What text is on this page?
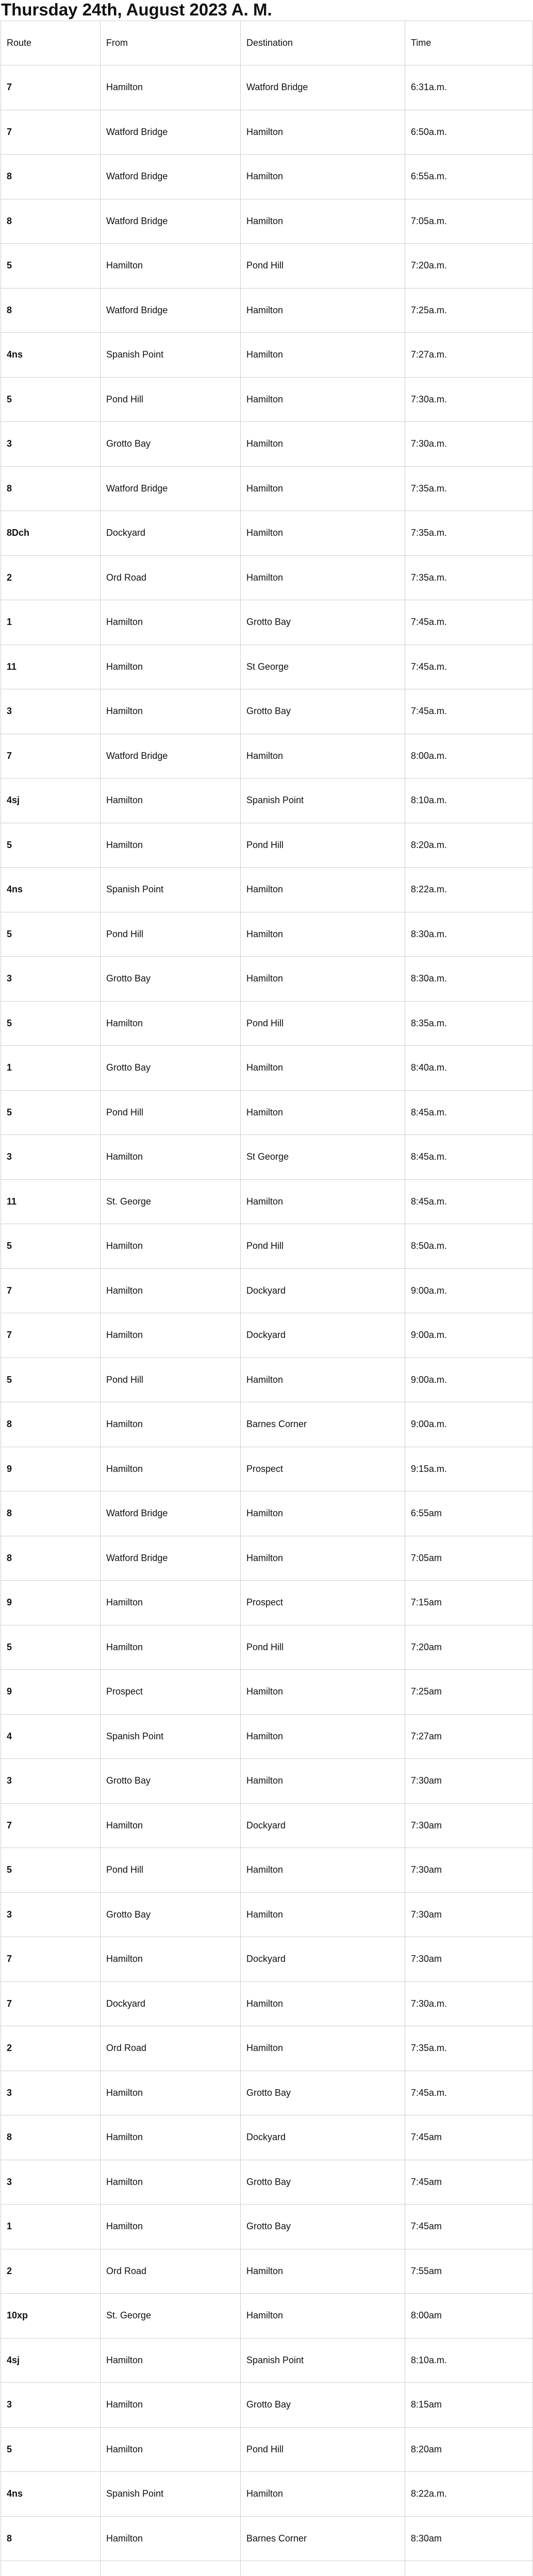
Thursday 24th, August 2023 A. M.
Route	From	Destination	Time
7	Hamilton	Watford Bridge	6:31a.m.
7	Watford Bridge	Hamilton	6:50a.m.
8	Watford Bridge	Hamilton	6:55a.m.
8	Watford Bridge	Hamilton	7:05a.m.
5	Hamilton	Pond Hill	7:20a.m.
8	Watford Bridge	Hamilton	7:25a.m.
4ns	Spanish Point	Hamilton	7:27a.m.
5	Pond Hill	Hamilton	7:30a.m.
3	Grotto Bay	Hamilton	7:30a.m.
8	Watford Bridge	Hamilton	7:35a.m.
8Dch	Dockyard	Hamilton	7:35a.m.
2	Ord Road	Hamilton	7:35a.m.
1	Hamilton	Grotto Bay	7:45a.m.
11	Hamilton	St George	7:45a.m.
3	Hamilton	Grotto Bay	7:45a.m.
7	Watford Bridge	Hamilton	8:00a.m.
4sj	Hamilton	Spanish Point	8:10a.m.
5	Hamilton	Pond Hill	8:20a.m.
4ns	Spanish Point	Hamilton	8:22a.m.
5	Pond Hill	Hamilton	8:30a.m.
3	Grotto Bay	Hamilton	8:30a.m.
5	Hamilton	Pond Hill	8:35a.m.
1	Grotto Bay	Hamilton	8:40a.m.
5	Pond Hill	Hamilton	8:45a.m.
3	Hamilton	St George	8:45a.m.
11	St. George	Hamilton	8:45a.m.
5	Hamilton	Pond Hill	8:50a.m.
7	Hamilton	Dockyard	9:00a.m.
7	Hamilton	Dockyard	9:00a.m.
5	Pond Hill	Hamilton	9:00a.m.
8	Hamilton	Barnes Corner	9:00a.m.
9	Hamilton	Prospect	9:15a.m.
8	Watford Bridge	Hamilton	6:55am
8	Watford Bridge	Hamilton	7:05am
9	Hamilton	Prospect	7:15am
5	Hamilton	Pond Hill	7:20am
9	Prospect	Hamilton	7:25am
4	Spanish Point	Hamilton	7:27am
3	Grotto Bay	Hamilton	7:30am
7	Hamilton	Dockyard	7:30am
5	Pond Hill	Hamilton	7:30am
3	Grotto Bay	Hamilton	7:30am
7	Hamilton	Dockyard	7:30am
7	Dockyard	Hamilton	7:30a.m.
2	Ord Road	Hamilton	7:35a.m.
3	Hamilton	Grotto Bay	7:45a.m.
8	Hamilton	Dockyard	7:45am
3	Hamilton	Grotto Bay	7:45am
1	Hamilton	Grotto Bay	7:45am
2	Ord Road	Hamilton	7:55am
10xp	St. George	Hamilton	8:00am
4sj	Hamilton	Spanish Point	8:10a.m.
3	Hamilton	Grotto Bay	8:15am
5	Hamilton	Pond Hill	8:20am
4ns	Spanish Point	Hamilton	8:22a.m.
8	Hamilton	Barnes Corner	8:30am
